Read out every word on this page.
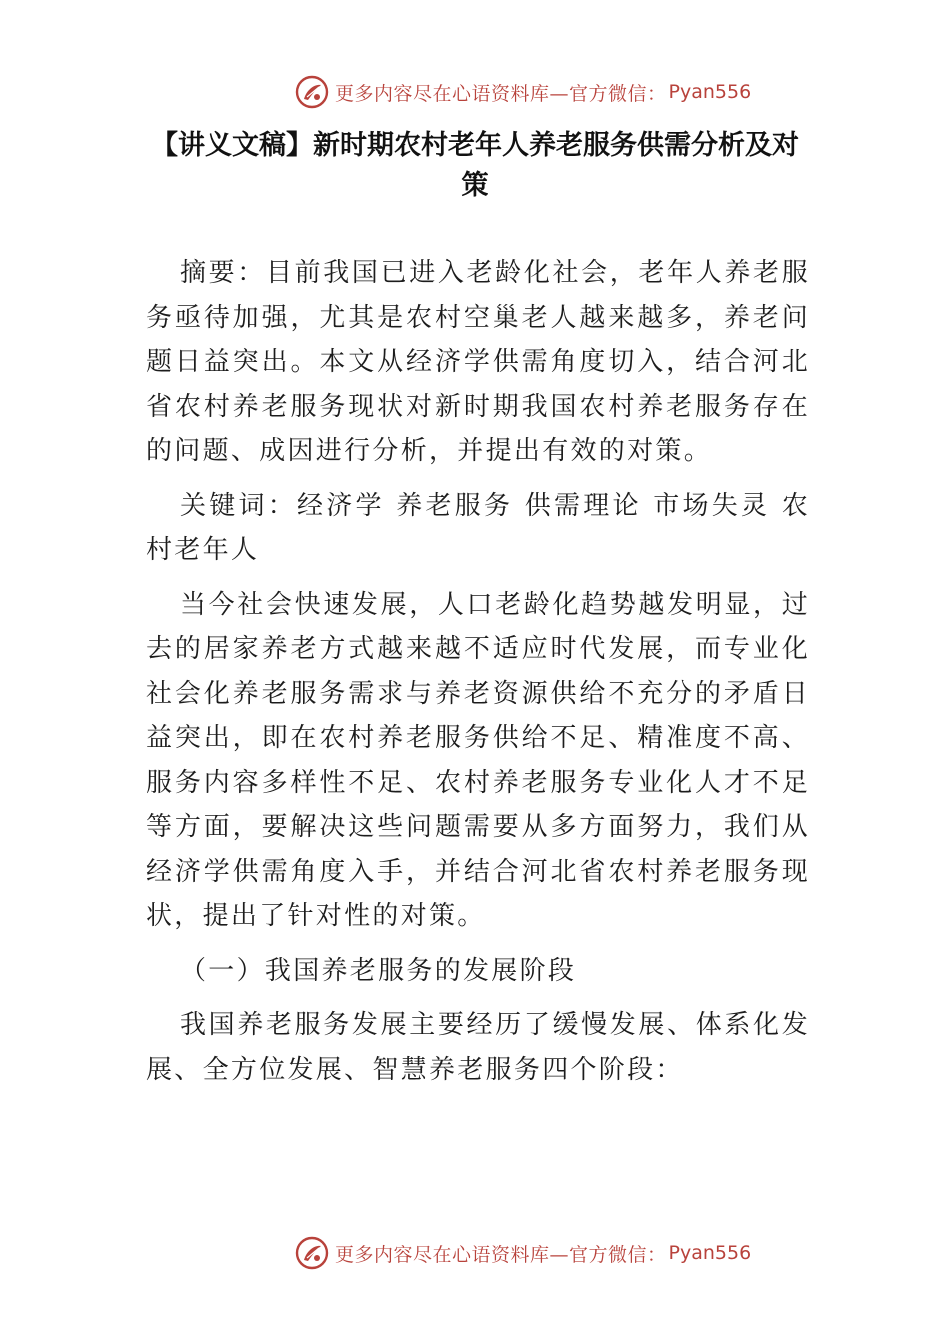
更多内容尽在心语资料库—官方微信： Pyan556
【讲义文稿】新时期农村老年人养老服务供需分析及对策

摘要：目前我国已进入老龄化社会，老年人养老服务亟待加强，尤其是农村空巢老人越来越多，养老问题日益突出。本文从经济学供需角度切入，结合河北省农村养老服务现状对新时期我国农村养老服务存在的问题、成因进行分析，并提出有效的对策。

关键词：经济学 养老服务 供需理论 市场失灵 农村老年人

当今社会快速发展，人口老龄化趋势越发明显，过去的居家养老方式越来越不适应时代发展，而专业化社会化养老服务需求与养老资源供给不充分的矛盾日益突出，即在农村养老服务供给不足、精准度不高、服务内容多样性不足、农村养老服务专业化人才不足等方面，要解决这些问题需要从多方面努力，我们从经济学供需角度入手，并结合河北省农村养老服务现状，提出了针对性的对策。

（一）我国养老服务的发展阶段

我国养老服务发展主要经历了缓慢发展、体系化发展、全方位发展、智慧养老服务四个阶段：

更多内容尽在心语资料库—官方微信： Pyan556
